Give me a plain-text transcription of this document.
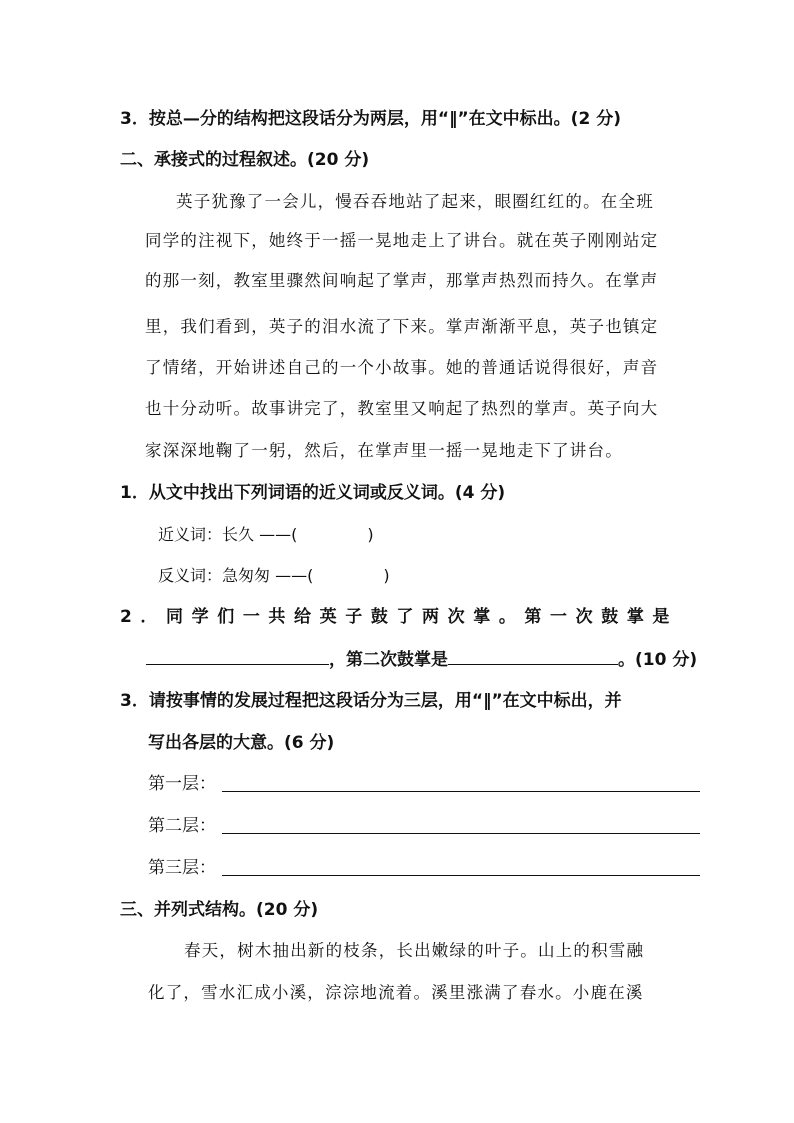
3．按总—分的结构把这段话分为两层，用“‖”在文中标出。(2 分)
二、承接式的过程叙述。(20 分)
英子犹豫了一会儿，慢吞吞地站了起来，眼圈红红的。在全班
同学的注视下，她终于一摇一晃地走上了讲台。就在英子刚刚站定
的那一刻，教室里骤然间响起了掌声，那掌声热烈而持久。在掌声
里，我们看到，英子的泪水流了下来。掌声渐渐平息，英子也镇定
了情绪，开始讲述自己的一个小故事。她的普通话说得很好，声音
也十分动听。故事讲完了，教室里又响起了热烈的掌声。英子向大
家深深地鞠了一躬，然后，在掌声里一摇一晃地走下了讲台。
1．从文中找出下列词语的近义词或反义词。(4 分)
近义词：长久 ——(	)
反义词：急匆匆 ——(	)
2．同学们一共给英子鼓了两次掌。第一次鼓掌是
，第二次鼓掌是	。(10 分)
3．请按事情的发展过程把这段话分为三层，用“‖”在文中标出，并
写出各层的大意。(6 分)
第一层：
第二层：
第三层：
三、并列式结构。(20 分)
春天，树木抽出新的枝条，长出嫩绿的叶子。山上的积雪融
化了，雪水汇成小溪，淙淙地流着。溪里涨满了春水。小鹿在溪
